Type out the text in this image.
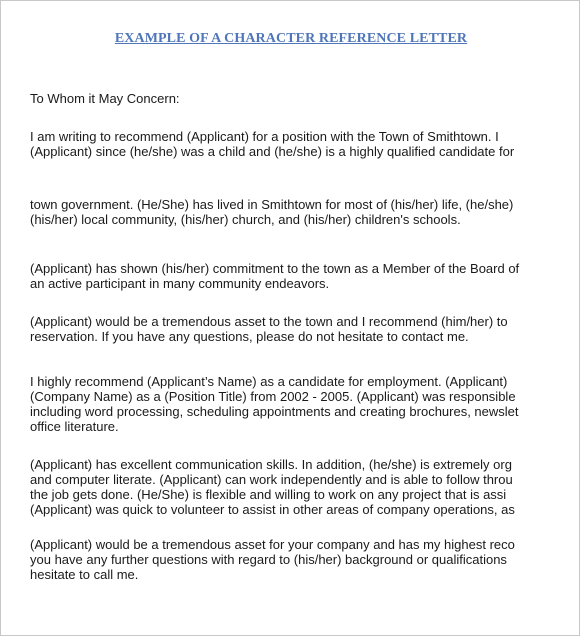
EXAMPLE OF A CHARACTER REFERENCE LETTER
To Whom it May Concern:
I am writing to recommend (Applicant) for a position with the Town of Smithtown. I
(Applicant) since (he/she) was a child and (he/she) is a highly qualified candidate for
town government. (He/She) has lived in Smithtown for most of (his/her) life, (he/she)
(his/her) local community, (his/her) church, and (his/her) children's schools.
(Applicant) has shown (his/her) commitment to the town as a Member of the Board of
an active participant in many community endeavors.
(Applicant) would be a tremendous asset to the town and I recommend (him/her) to
reservation. If you have any questions, please do not hesitate to contact me.
I highly recommend (Applicant’s Name) as a candidate for employment. (Applicant)
(Company Name) as a (Position Title) from 2002 - 2005. (Applicant) was responsible
including word processing, scheduling appointments and creating brochures, newslet
office literature.
(Applicant) has excellent communication skills. In addition, (he/she) is extremely org
and computer literate. (Applicant) can work independently and is able to follow throu
the job gets done. (He/She) is flexible and willing to work on any project that is assi
(Applicant) was quick to volunteer to assist in other areas of company operations, as
(Applicant) would be a tremendous asset for your company and has my highest reco
you have any further questions with regard to (his/her) background or qualifications
hesitate to call me.
